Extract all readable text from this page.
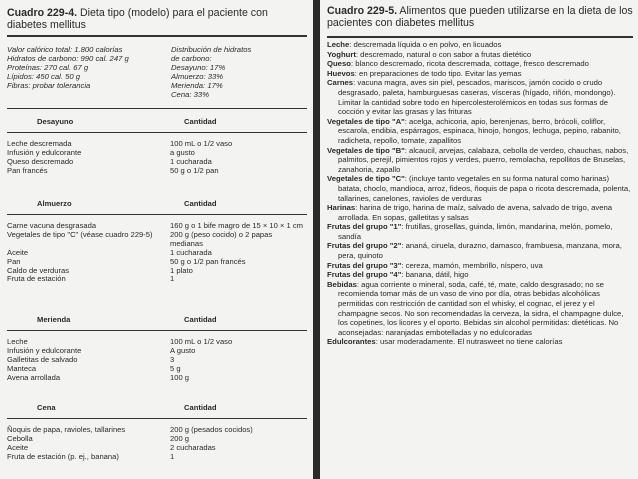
Cuadro 229-4. Dieta tipo (modelo) para el paciente con diabetes mellitus
Valor calórico total: 1.800 calorías
Hidratos de carbono: 990 cal. 247 g
Proteínas: 270 cal. 67 g
Lípidos: 450 cal. 50 g
Fibras: probar tolerancia
Distribución de hidratos
de carbono:
Desayuno: 17%
Almuerzo: 33%
Merienda: 17%
Cena: 33%
Desayuno	Cantidad
Leche descremada	100 mL o 1/2 vaso
Infusión y edulcorante	a gusto
Queso descremado	1 cucharada
Pan francés	50 g o 1/2 pan
Almuerzo	Cantidad
Carne vacuna desgrasada	160 g o 1 bife magro de 15 × 10 × 1 cm
Vegetales de tipo "C" (véase cuadro 229-5)	200 g (peso cocido) o 2 papas medianas
Aceite	1 cucharada
Pan	50 g o 1/2 pan francés
Caldo de verduras	1 plato
Fruta de estación	1
Merienda	Cantidad
Leche	100 mL o 1/2 vaso
Infusión y edulcorante	A gusto
Galletitas de salvado	3
Manteca	5 g
Avena arrollada	100 g
Cena	Cantidad
Ñoquis de papa, ravioles, tallarines	200 g (pesados cocidos)
Cebolla	200 g
Aceite	2 cucharadas
Fruta de estación (p. ej., banana)	1
Cuadro 229-5. Alimentos que pueden utilizarse en la dieta de los pacientes con diabetes mellitus

Leche: descremada líquida o en polvo, en licuados

Yoghurt: descremado, natural o con sabor a frutas dietético

Queso: blanco descremado, ricota descremada, cottage, fresco descremado

Huevos: en preparaciones de todo tipo. Evitar las yemas

Carnes: vacuna magra, aves sin piel, pescados, mariscos, jamón cocido o crudo desgrasado, paleta, hamburguesas caseras, vísceras (hígado, riñón, mondongo). Limitar la cantidad sobre todo en hipercolesterolémicos en todas sus formas de cocción y evitar las grasas y las frituras

Vegetales de tipo "A": acelga, achicoria, apio, berenjenas, berro, brócoli, coliflor, escarola, endibia, espárragos, espinaca, hinojo, hongos, lechuga, pepino, rabanito, radicheta, repollo, tomate, zapallitos

Vegetales de tipo "B": alcaucil, arvejas, calabaza, cebolla de verdeo, chauchas, nabos, palmitos, perejil, pimientos rojos y verdes, puerro, remolacha, repollitos de Bruselas, zanahoria, zapallo

Vegetales de tipo "C": (incluye tanto vegetales en su forma natural como harinas) batata, choclo, mandioca, arroz, fideos, ñoquis de papa o ricota descremada, polenta, tallarines, canelones, ravioles de verduras

Harinas: harina de trigo, harina de maíz, salvado de avena, salvado de trigo, avena arrollada. En sopas, galletitas y salsas

Frutas del grupo "1": frutillas, grosellas, guinda, limón, mandarina, melón, pomelo, sandía

Frutas del grupo "2": ananá, ciruela, durazno, damasco, frambuesa, manzana, mora, pera, quinoto

Frutas del grupo "3": cereza, mamón, membrillo, níspero, uva

Frutas del grupo "4": banana, dátil, higo

Bebidas: agua corriente o mineral, soda, café, té, mate, caldo desgrasado; no se recomienda tomar más de un vaso de vino por día, otras bebidas alcohólicas permitidas con restricción de cantidad son el whisky, el cognac, el jerez y el champagne secos. No son recomendadas la cerveza, la sidra, el champagne dulce, los copetines, los licores y el oporto. Bebidas sin alcohol permitidas: dietéticas. No aconsejadas: naranjadas embotelladas y no edulcoradas

Edulcorantes: usar moderadamente. El nutrasweet no tiene calorías
